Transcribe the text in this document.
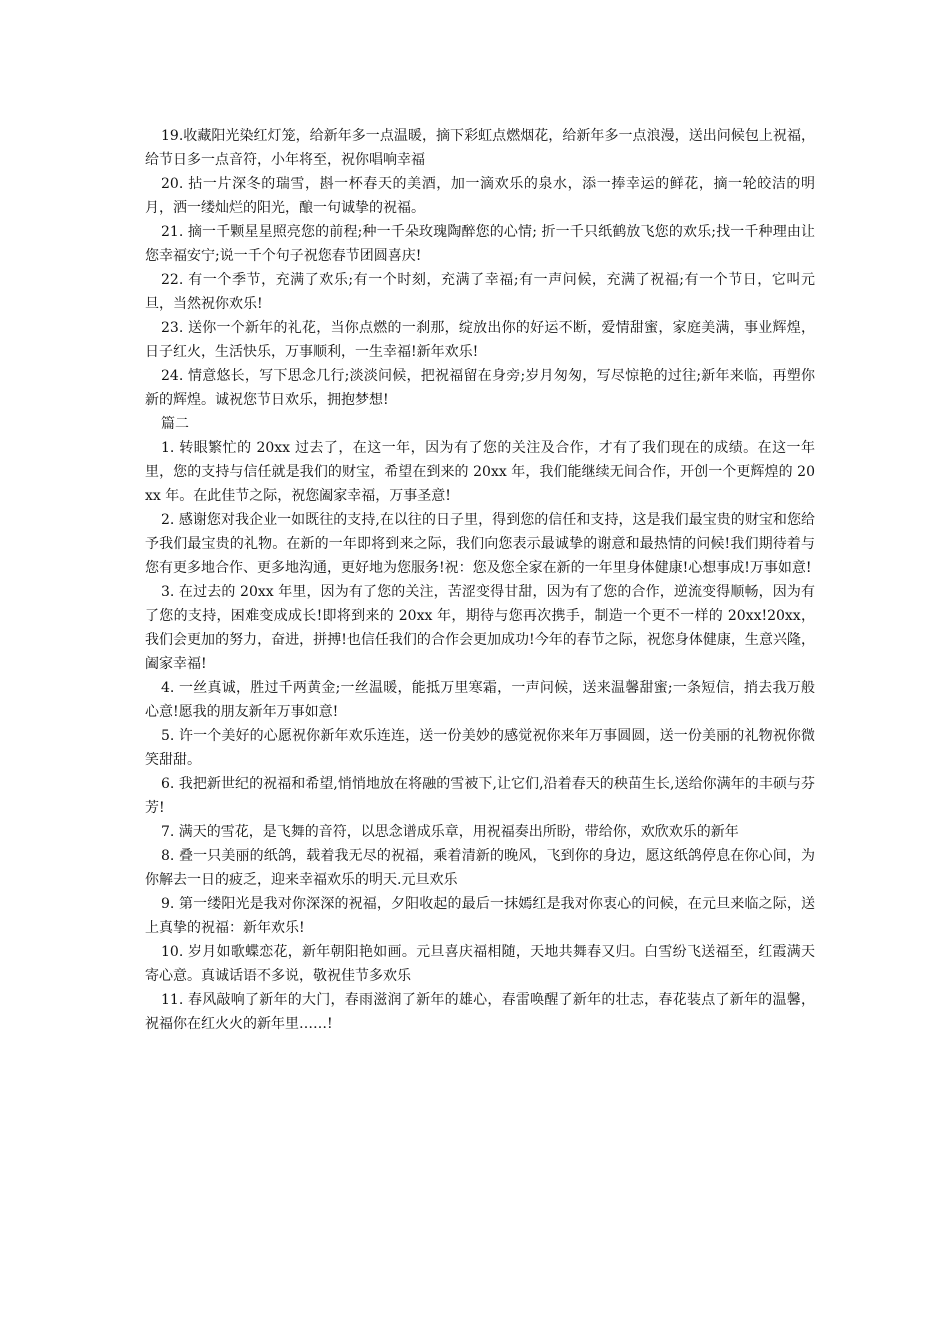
19.收藏阳光染红灯笼，给新年多一点温暖，摘下彩虹点燃烟花，给新年多一点浪漫，送出问候包上祝福，给节日多一点音符，小年将至，祝你唱响幸福

20. 拈一片深冬的瑞雪，斟一杯春天的美酒，加一滴欢乐的泉水，添一捧幸运的鲜花，摘一轮皎洁的明月，洒一缕灿烂的阳光，酿一句诚挚的祝福。

21. 摘一千颗星星照亮您的前程;种一千朵玫瑰陶醉您的心情; 折一千只纸鹤放飞您的欢乐;找一千种理由让您幸福安宁;说一千个句子祝您春节团圆喜庆!

22. 有一个季节，充满了欢乐;有一个时刻，充满了幸福;有一声问候，充满了祝福;有一个节日，它叫元旦，当然祝你欢乐!

23. 送你一个新年的礼花，当你点燃的一刹那，绽放出你的好运不断，爱情甜蜜，家庭美满，事业辉煌，日子红火，生活快乐，万事顺利，一生幸福!新年欢乐!

24. 情意悠长，写下思念几行;淡淡问候，把祝福留在身旁;岁月匆匆，写尽惊艳的过往;新年来临，再塑你新的辉煌。诚祝您节日欢乐，拥抱梦想!

篇二

1. 转眼繁忙的 20xx 过去了，在这一年，因为有了您的关注及合作，才有了我们现在的成绩。在这一年里，您的支持与信任就是我们的财宝，希望在到来的 20xx 年，我们能继续无间合作，开创一个更辉煌的 20xx 年。在此佳节之际，祝您阖家幸福，万事圣意!

2. 感谢您对我企业一如既往的支持,在以往的日子里，得到您的信任和支持，这是我们最宝贵的财宝和您给予我们最宝贵的礼物。在新的一年即将到来之际，我们向您表示最诚挚的谢意和最热情的问候!我们期待着与您有更多地合作、更多地沟通，更好地为您服务!祝：您及您全家在新的一年里身体健康!心想事成!万事如意!

3. 在过去的 20xx 年里，因为有了您的关注，苦涩变得甘甜，因为有了您的合作，逆流变得顺畅，因为有了您的支持，困难变成成长!即将到来的 20xx 年，期待与您再次携手，制造一个更不一样的 20xx!20xx，我们会更加的努力，奋进，拼搏!也信任我们的合作会更加成功!今年的春节之际，祝您身体健康，生意兴隆，阖家幸福!

4. 一丝真诚，胜过千两黄金;一丝温暖，能抵万里寒霜，一声问候，送来温馨甜蜜;一条短信，捎去我万般心意!愿我的朋友新年万事如意!

5. 许一个美好的心愿祝你新年欢乐连连，送一份美妙的感觉祝你来年万事圆圆，送一份美丽的礼物祝你微笑甜甜。

6. 我把新世纪的祝福和希望,悄悄地放在将融的雪被下,让它们,沿着春天的秧苗生长,送给你满年的丰硕与芬芳!

7. 满天的雪花，是飞舞的音符，以思念谱成乐章，用祝福奏出所盼，带给你，欢欣欢乐的新年

8. 叠一只美丽的纸鸽，载着我无尽的祝福，乘着清新的晚风，飞到你的身边，愿这纸鸽停息在你心间，为你解去一日的疲乏，迎来幸福欢乐的明天.元旦欢乐

9. 第一缕阳光是我对你深深的祝福，夕阳收起的最后一抹嫣红是我对你衷心的问候，在元旦来临之际，送上真挚的祝福：新年欢乐!

10. 岁月如歌蝶恋花，新年朝阳艳如画。元旦喜庆福相随，天地共舞春又归。白雪纷飞送福至，红霞满天寄心意。真诚话语不多说，敬祝佳节多欢乐

11. 春风敲响了新年的大门，春雨滋润了新年的雄心，春雷唤醒了新年的壮志，春花装点了新年的温馨，祝福你在红火火的新年里……!
